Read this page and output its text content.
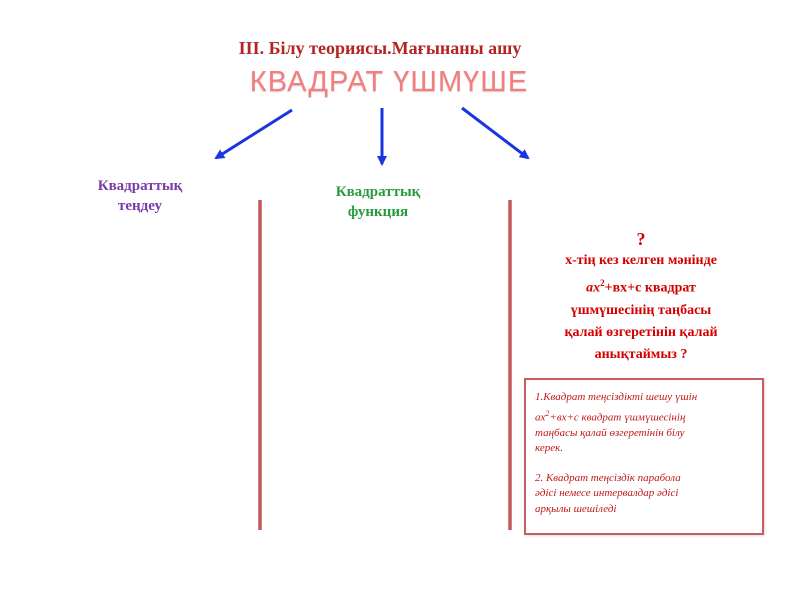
ІІІ. Білу теориясы.Мағынаны ашу
КВАДРАТ ҮШМҮШЕ
Квадраттық
теңдеу
Квадраттық
функция
?
х-тің кез келген мәнінде
$ах^2+вх+с$ квадрат
үшмүшесінің таңбасы
қалай өзгеретінін қалай
анықтаймыз ?
1.Квадрат теңсіздікті шешу үшін
$ах^2+вх+с$ квадрат үшмүшесінің
таңбасы қалай өзгеретінін білу
керек.
2. Квадрат теңсіздік парабола
әдісі немесе интервалдар әдісі
арқылы шешіледі
